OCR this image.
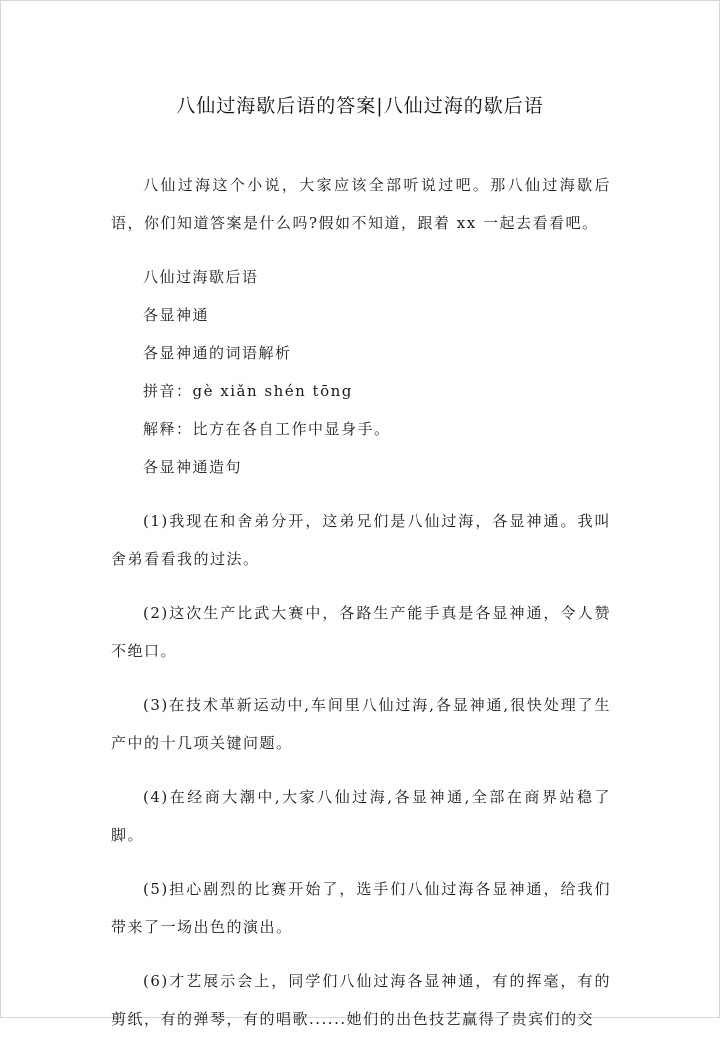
八仙过海歇后语的答案|八仙过海的歇后语

八仙过海这个小说，大家应该全部听说过吧。那八仙过海歇后语，你们知道答案是什么吗?假如不知道，跟着 xx 一起去看看吧。

八仙过海歇后语

各显神通

各显神通的词语解析

拼音：gè xiǎn shén tōng

解释：比方在各自工作中显身手。

各显神通造句

(1)我现在和舍弟分开，这弟兄们是八仙过海，各显神通。我叫舍弟看看我的过法。

(2)这次生产比武大赛中，各路生产能手真是各显神通，令人赞不绝口。

(3)在技术革新运动中,车间里八仙过海,各显神通,很快处理了生产中的十几项关键问题。

(4)在经商大潮中,大家八仙过海,各显神通,全部在商界站稳了脚。

(5)担心剧烈的比赛开始了，选手们八仙过海各显神通，给我们带来了一场出色的演出。

(6)才艺展示会上，同学们八仙过海各显神通，有的挥毫，有的剪纸，有的弹琴，有的唱歌......她们的出色技艺赢得了贵宾们的交
